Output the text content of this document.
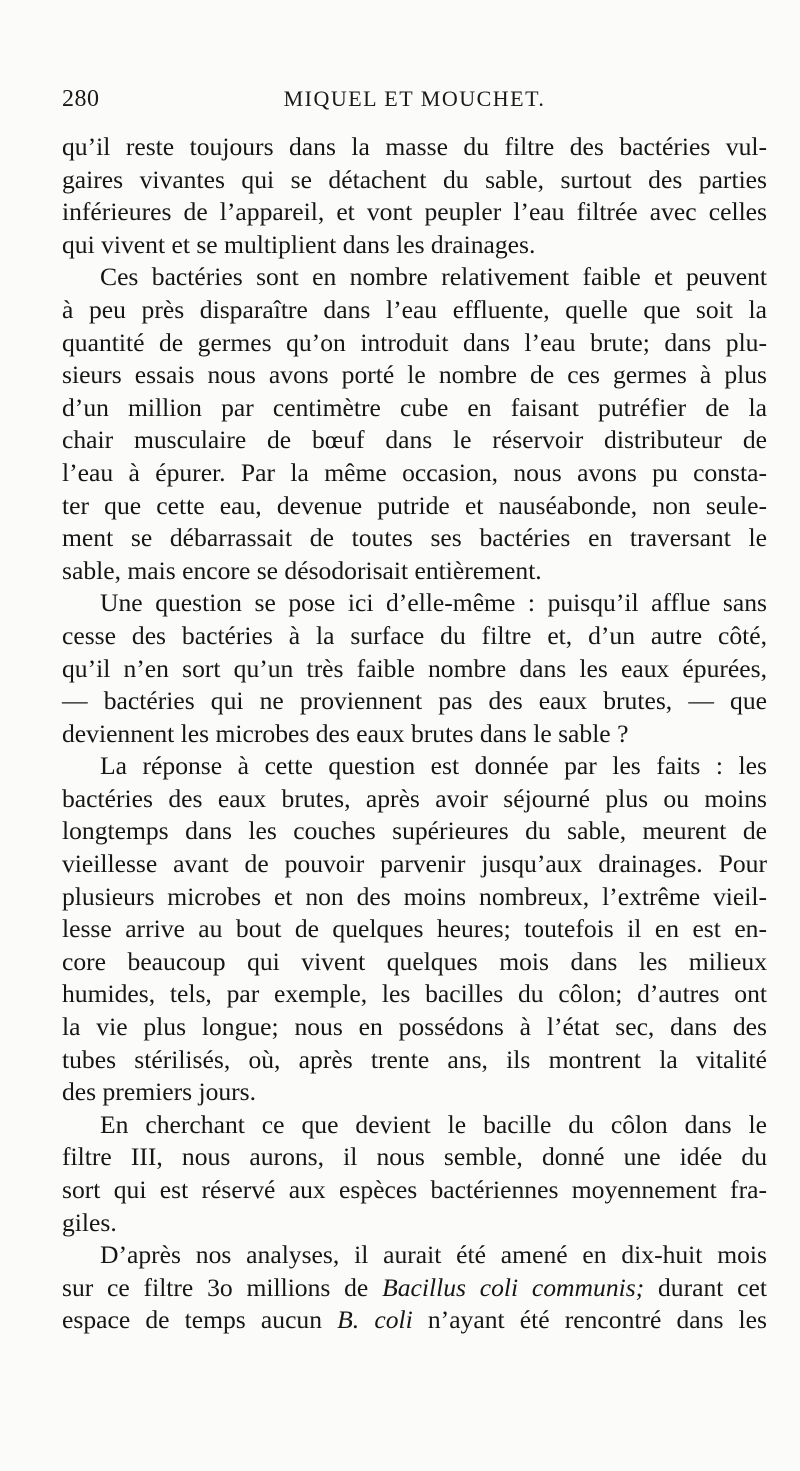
280	MIQUEL ET MOUCHET.

qu’il reste toujours dans la masse du filtre des bactéries vul-
gaires vivantes qui se détachent du sable, surtout des parties
inférieures de l’appareil, et vont peupler l’eau filtrée avec celles
qui vivent et se multiplient dans les drainages.

Ces bactéries sont en nombre relativement faible et peuvent
à peu près disparaître dans l’eau effluente, quelle que soit la
quantité de germes qu’on introduit dans l’eau brute; dans plu-
sieurs essais nous avons porté le nombre de ces germes à plus
d’un million par centimètre cube en faisant putréfier de la
chair musculaire de bœuf dans le réservoir distributeur de
l’eau à épurer. Par la même occasion, nous avons pu consta-
ter que cette eau, devenue putride et nauséabonde, non seule-
ment se débarrassait de toutes ses bactéries en traversant le
sable, mais encore se désodorisait entièrement.

Une question se pose ici d’elle-même : puisqu’il afflue sans
cesse des bactéries à la surface du filtre et, d’un autre côté,
qu’il n’en sort qu’un très faible nombre dans les eaux épurées,
— bactéries qui ne proviennent pas des eaux brutes, — que
deviennent les microbes des eaux brutes dans le sable ?

La réponse à cette question est donnée par les faits : les
bactéries des eaux brutes, après avoir séjourné plus ou moins
longtemps dans les couches supérieures du sable, meurent de
vieillesse avant de pouvoir parvenir jusqu’aux drainages. Pour
plusieurs microbes et non des moins nombreux, l’extrême vieil-
lesse arrive au bout de quelques heures; toutefois il en est en-
core beaucoup qui vivent quelques mois dans les milieux
humides, tels, par exemple, les bacilles du côlon; d’autres ont
la vie plus longue; nous en possédons à l’état sec, dans des
tubes stérilisés, où, après trente ans, ils montrent la vitalité
des premiers jours.

En cherchant ce que devient le bacille du côlon dans le
filtre III, nous aurons, il nous semble, donné une idée du
sort qui est réservé aux espèces bactériennes moyennement fra-
giles.

D’après nos analyses, il aurait été amené en dix-huit mois
sur ce filtre 3o millions de Bacillus coli communis; durant cet
espace de temps aucun B. coli n’ayant été rencontré dans les
